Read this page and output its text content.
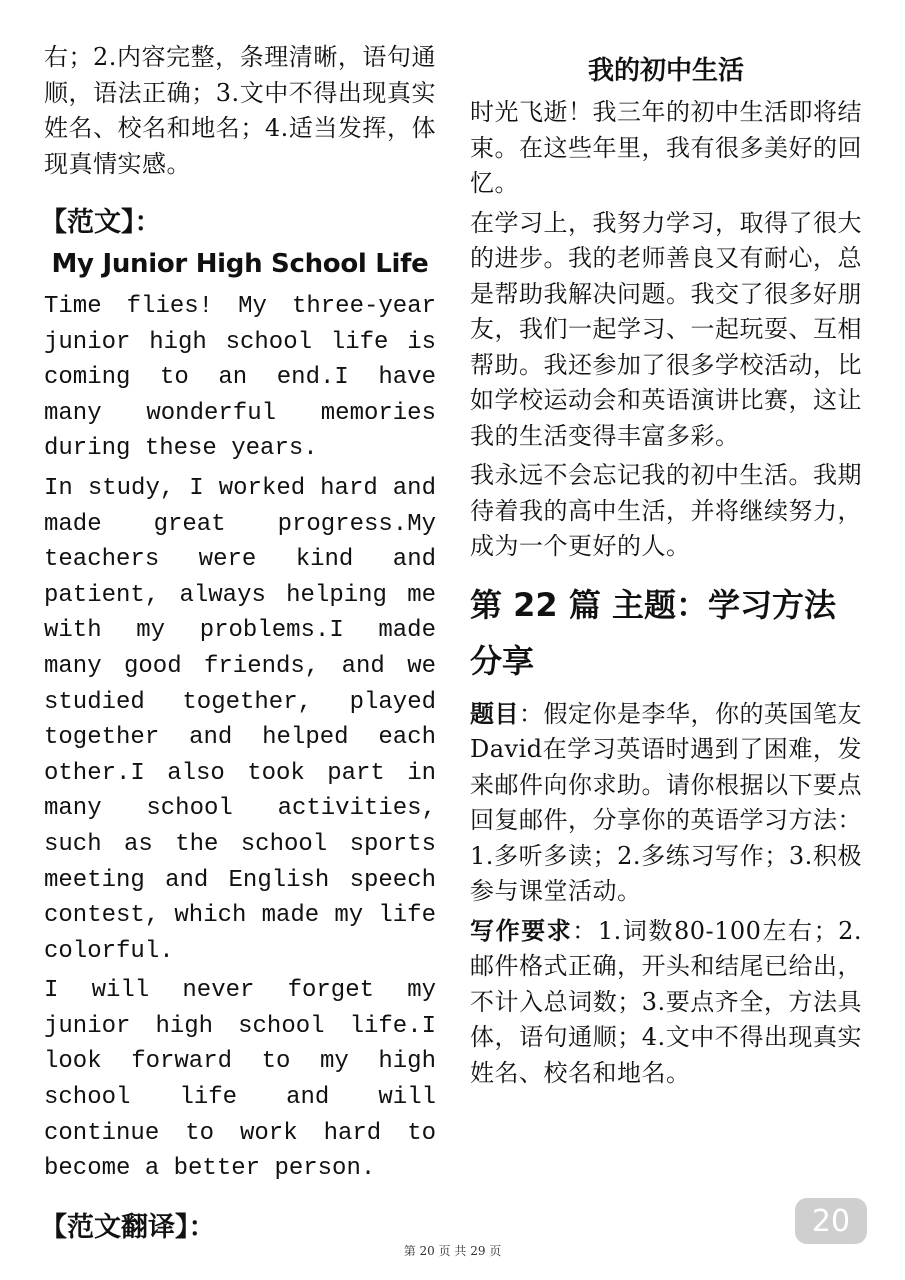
右；2.内容完整，条理清晰，语句通顺，语法正确；3.文中不得出现真实姓名、校名和地名；4.适当发挥，体现真情实感。

【范文】：
My Junior High School Life

Time flies! My three-year junior high school life is coming to an end.I have many wonderful memories during these years.

In study, I worked hard and made great progress.My teachers were kind and patient, always helping me with my problems.I made many good friends, and we studied together, played together and helped each other.I also took part in many school activities, such as the school sports meeting and English speech contest, which made my life colorful.

I will never forget my junior high school life.I look forward to my high school life and will continue to work hard to become a better person.

【范文翻译】：
我的初中生活

时光飞逝！我三年的初中生活即将结束。在这些年里，我有很多美好的回忆。

在学习上，我努力学习，取得了很大的进步。我的老师善良又有耐心，总是帮助我解决问题。我交了很多好朋友，我们一起学习、一起玩耍、互相帮助。我还参加了很多学校活动，比如学校运动会和英语演讲比赛，这让我的生活变得丰富多彩。

我永远不会忘记我的初中生活。我期待着我的高中生活，并将继续努力，成为一个更好的人。

第 22 篇 主题：学习方法分享

题目：假定你是李华，你的英国笔友David在学习英语时遇到了困难，发来邮件向你求助。请你根据以下要点回复邮件，分享你的英语学习方法：1.多听多读；2.多练习写作；3.积极参与课堂活动。

写作要求：1.词数80-100左右；2.邮件格式正确，开头和结尾已给出，不计入总词数；3.要点齐全，方法具体，语句通顺；4.文中不得出现真实姓名、校名和地名。

20
第 20 页 共 29 页
